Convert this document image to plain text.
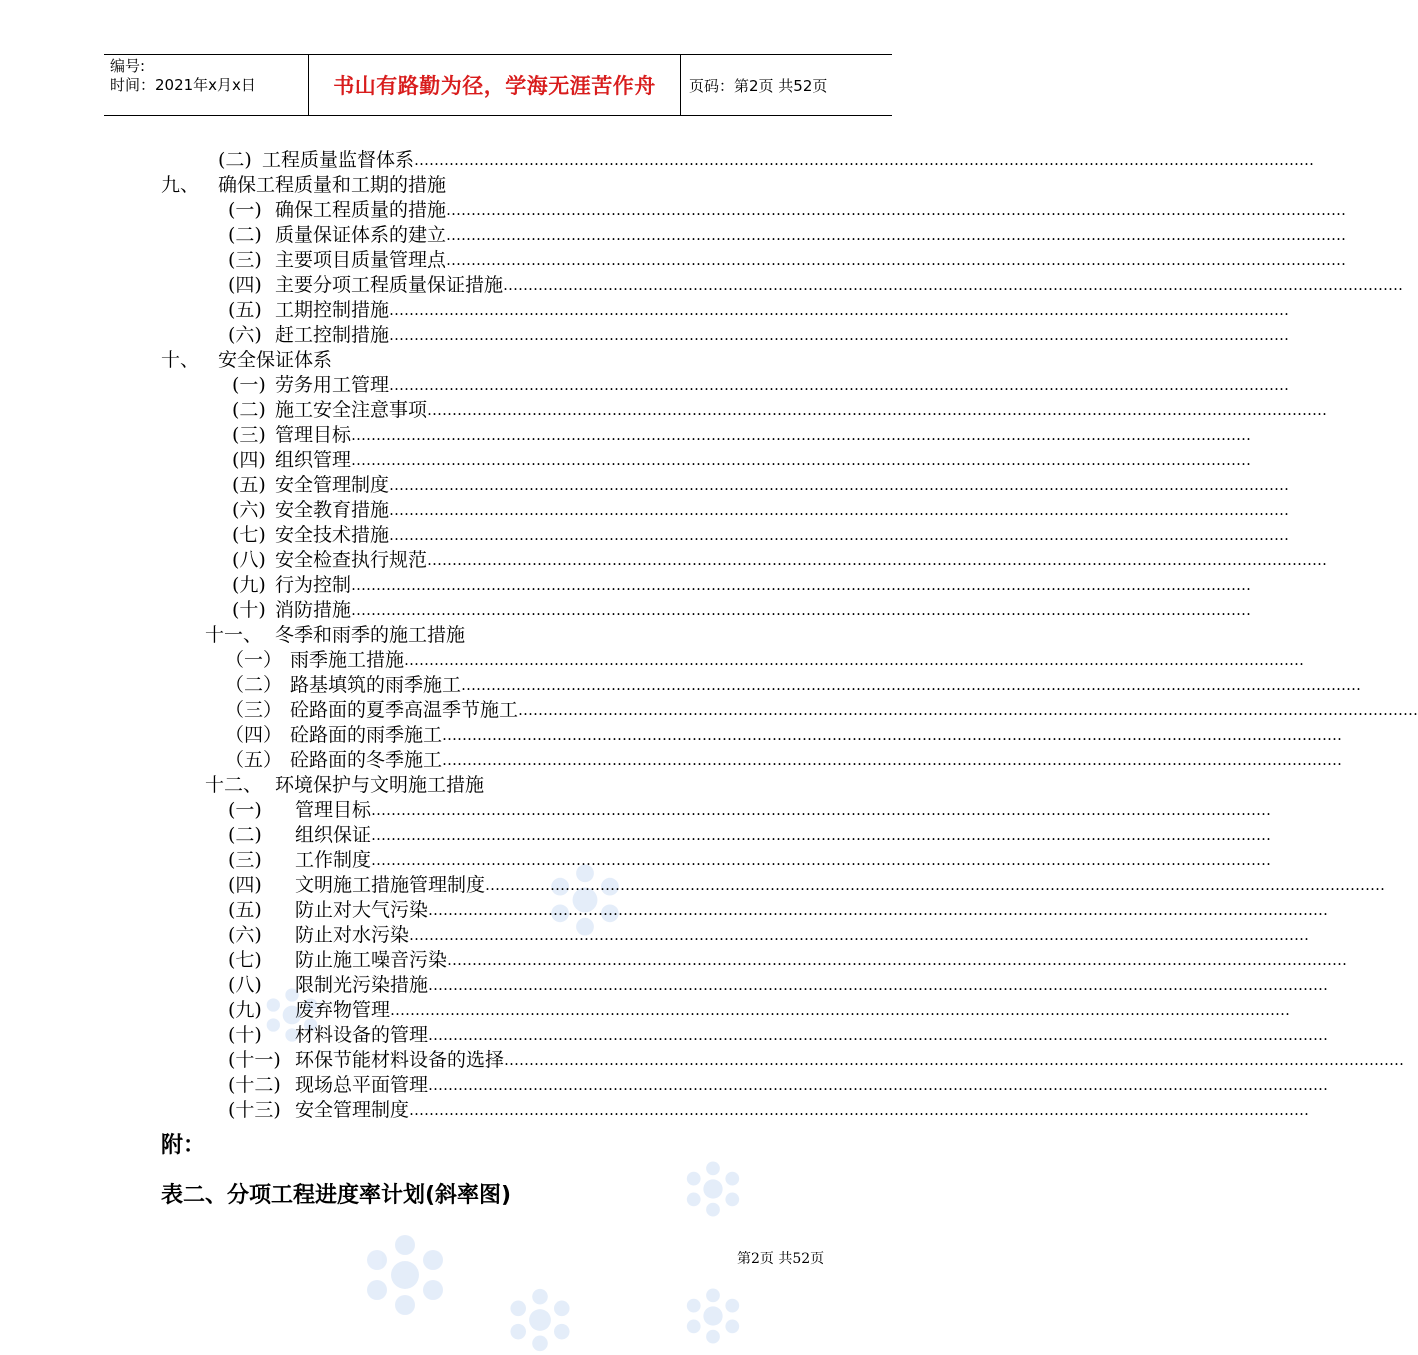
编号:
时间：2021年x月x日	书山有路勤为径，学海无涯苦作舟	页码：第2页 共52页
(二) 工程质量监督体系 ………………………………………………………………………………………………………………………………………………………………
九、 确保工程质量和工期的措施
(一) 确保工程质量的措施 ………………………………………………………………………………………………………………………………………………………………
(二) 质量保证体系的建立 ………………………………………………………………………………………………………………………………………………………………
(三) 主要项目质量管理点 ………………………………………………………………………………………………………………………………………………………………
(四) 主要分项工程质量保证措施 ………………………………………………………………………………………………………………………………………………………………
(五) 工期控制措施 ………………………………………………………………………………………………………………………………………………………………
(六) 赶工控制措施 ………………………………………………………………………………………………………………………………………………………………
十、 安全保证体系
(一) 劳务用工管理 ………………………………………………………………………………………………………………………………………………………………
(二) 施工安全注意事项 ………………………………………………………………………………………………………………………………………………………………
(三) 管理目标 ………………………………………………………………………………………………………………………………………………………………
(四) 组织管理 ………………………………………………………………………………………………………………………………………………………………
(五) 安全管理制度 ………………………………………………………………………………………………………………………………………………………………
(六) 安全教育措施 ………………………………………………………………………………………………………………………………………………………………
(七) 安全技术措施 ………………………………………………………………………………………………………………………………………………………………
(八) 安全检查执行规范 ………………………………………………………………………………………………………………………………………………………………
(九) 行为控制 ………………………………………………………………………………………………………………………………………………………………
(十) 消防措施 ………………………………………………………………………………………………………………………………………………………………
十一、 冬季和雨季的施工措施
（一） 雨季施工措施 ………………………………………………………………………………………………………………………………………………………………
（二） 路基填筑的雨季施工 ………………………………………………………………………………………………………………………………………………………………
（三） 砼路面的夏季高温季节施工 ………………………………………………………………………………………………………………………………………………………………
（四） 砼路面的雨季施工 ………………………………………………………………………………………………………………………………………………………………
（五） 砼路面的冬季施工 ………………………………………………………………………………………………………………………………………………………………
十二、 环境保护与文明施工措施
(一)	管理目标 ………………………………………………………………………………………………………………………………………………………………
(二)	组织保证 ………………………………………………………………………………………………………………………………………………………………
(三)	工作制度 ………………………………………………………………………………………………………………………………………………………………
(四)	文明施工措施管理制度 ………………………………………………………………………………………………………………………………………………………………
(五)	防止对大气污染 ………………………………………………………………………………………………………………………………………………………………
(六)	防止对水污染 ………………………………………………………………………………………………………………………………………………………………
(七)	防止施工噪音污染 ………………………………………………………………………………………………………………………………………………………………
(八)	限制光污染措施 ………………………………………………………………………………………………………………………………………………………………
(九)	废弃物管理 ………………………………………………………………………………………………………………………………………………………………
(十)	材料设备的管理 ………………………………………………………………………………………………………………………………………………………………
(十一) 环保节能材料设备的选择 ………………………………………………………………………………………………………………………………………………………………
(十二) 现场总平面管理 ………………………………………………………………………………………………………………………………………………………………
(十三) 安全管理制度 ………………………………………………………………………………………………………………………………………………………………
附：
表二、分项工程进度率计划(斜率图)
第2页 共52页
